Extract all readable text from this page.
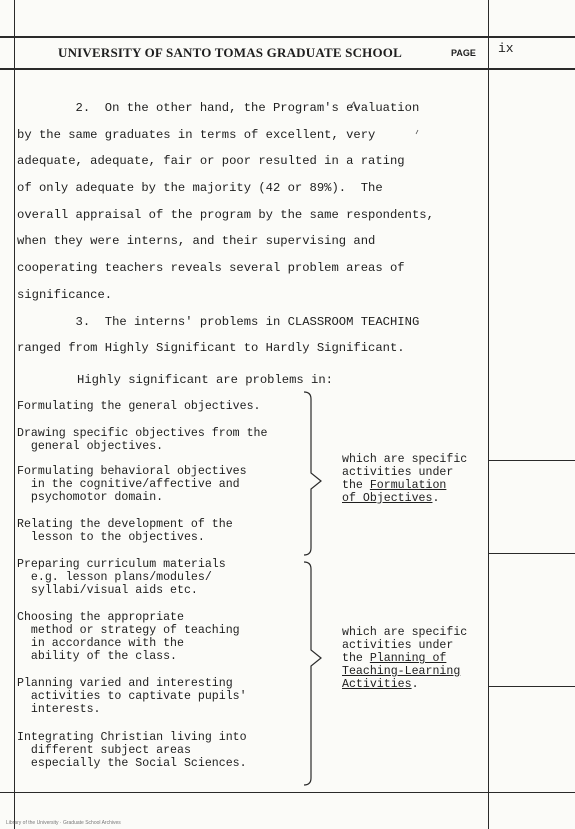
UNIVERSITY OF SANTO TOMAS GRADUATE SCHOOL	PAGE ix
2.  On the other hand, the Program's evaluation
by the same graduates in terms of excellent, very
adequate, adequate, fair or poor resulted in a rating
of only adequate by the majority (42 or 89%).  The
overall appraisal of the program by the same respondents,
when they were interns, and their supervising and
cooperating teachers reveals several problem areas of
significance.
3.  The interns' problems in CLASSROOM TEACHING
ranged from Highly Significant to Hardly Significant.
Highly significant are problems in:
Formulating the general objectives.
Drawing specific objectives from the
general objectives.
Formulating behavioral objectives
in the cognitive/affective and
psychomotor domain.
Relating the development of the
lesson to the objectives.
which are specific
activities under
the Formulation
of Objectives.
Preparing curriculum materials
e.g. lesson plans/modules/
syllabi/visual aids etc.
Choosing the appropriate
method or strategy of teaching
in accordance with the
ability of the class.
Planning varied and interesting
activities to captivate pupils'
interests.
Integrating Christian living into
different subject areas
especially the Social Sciences.
which are specific
activities under
the Planning of
Teaching-Learning
Activities.
Library of the University · Graduate School Archives
